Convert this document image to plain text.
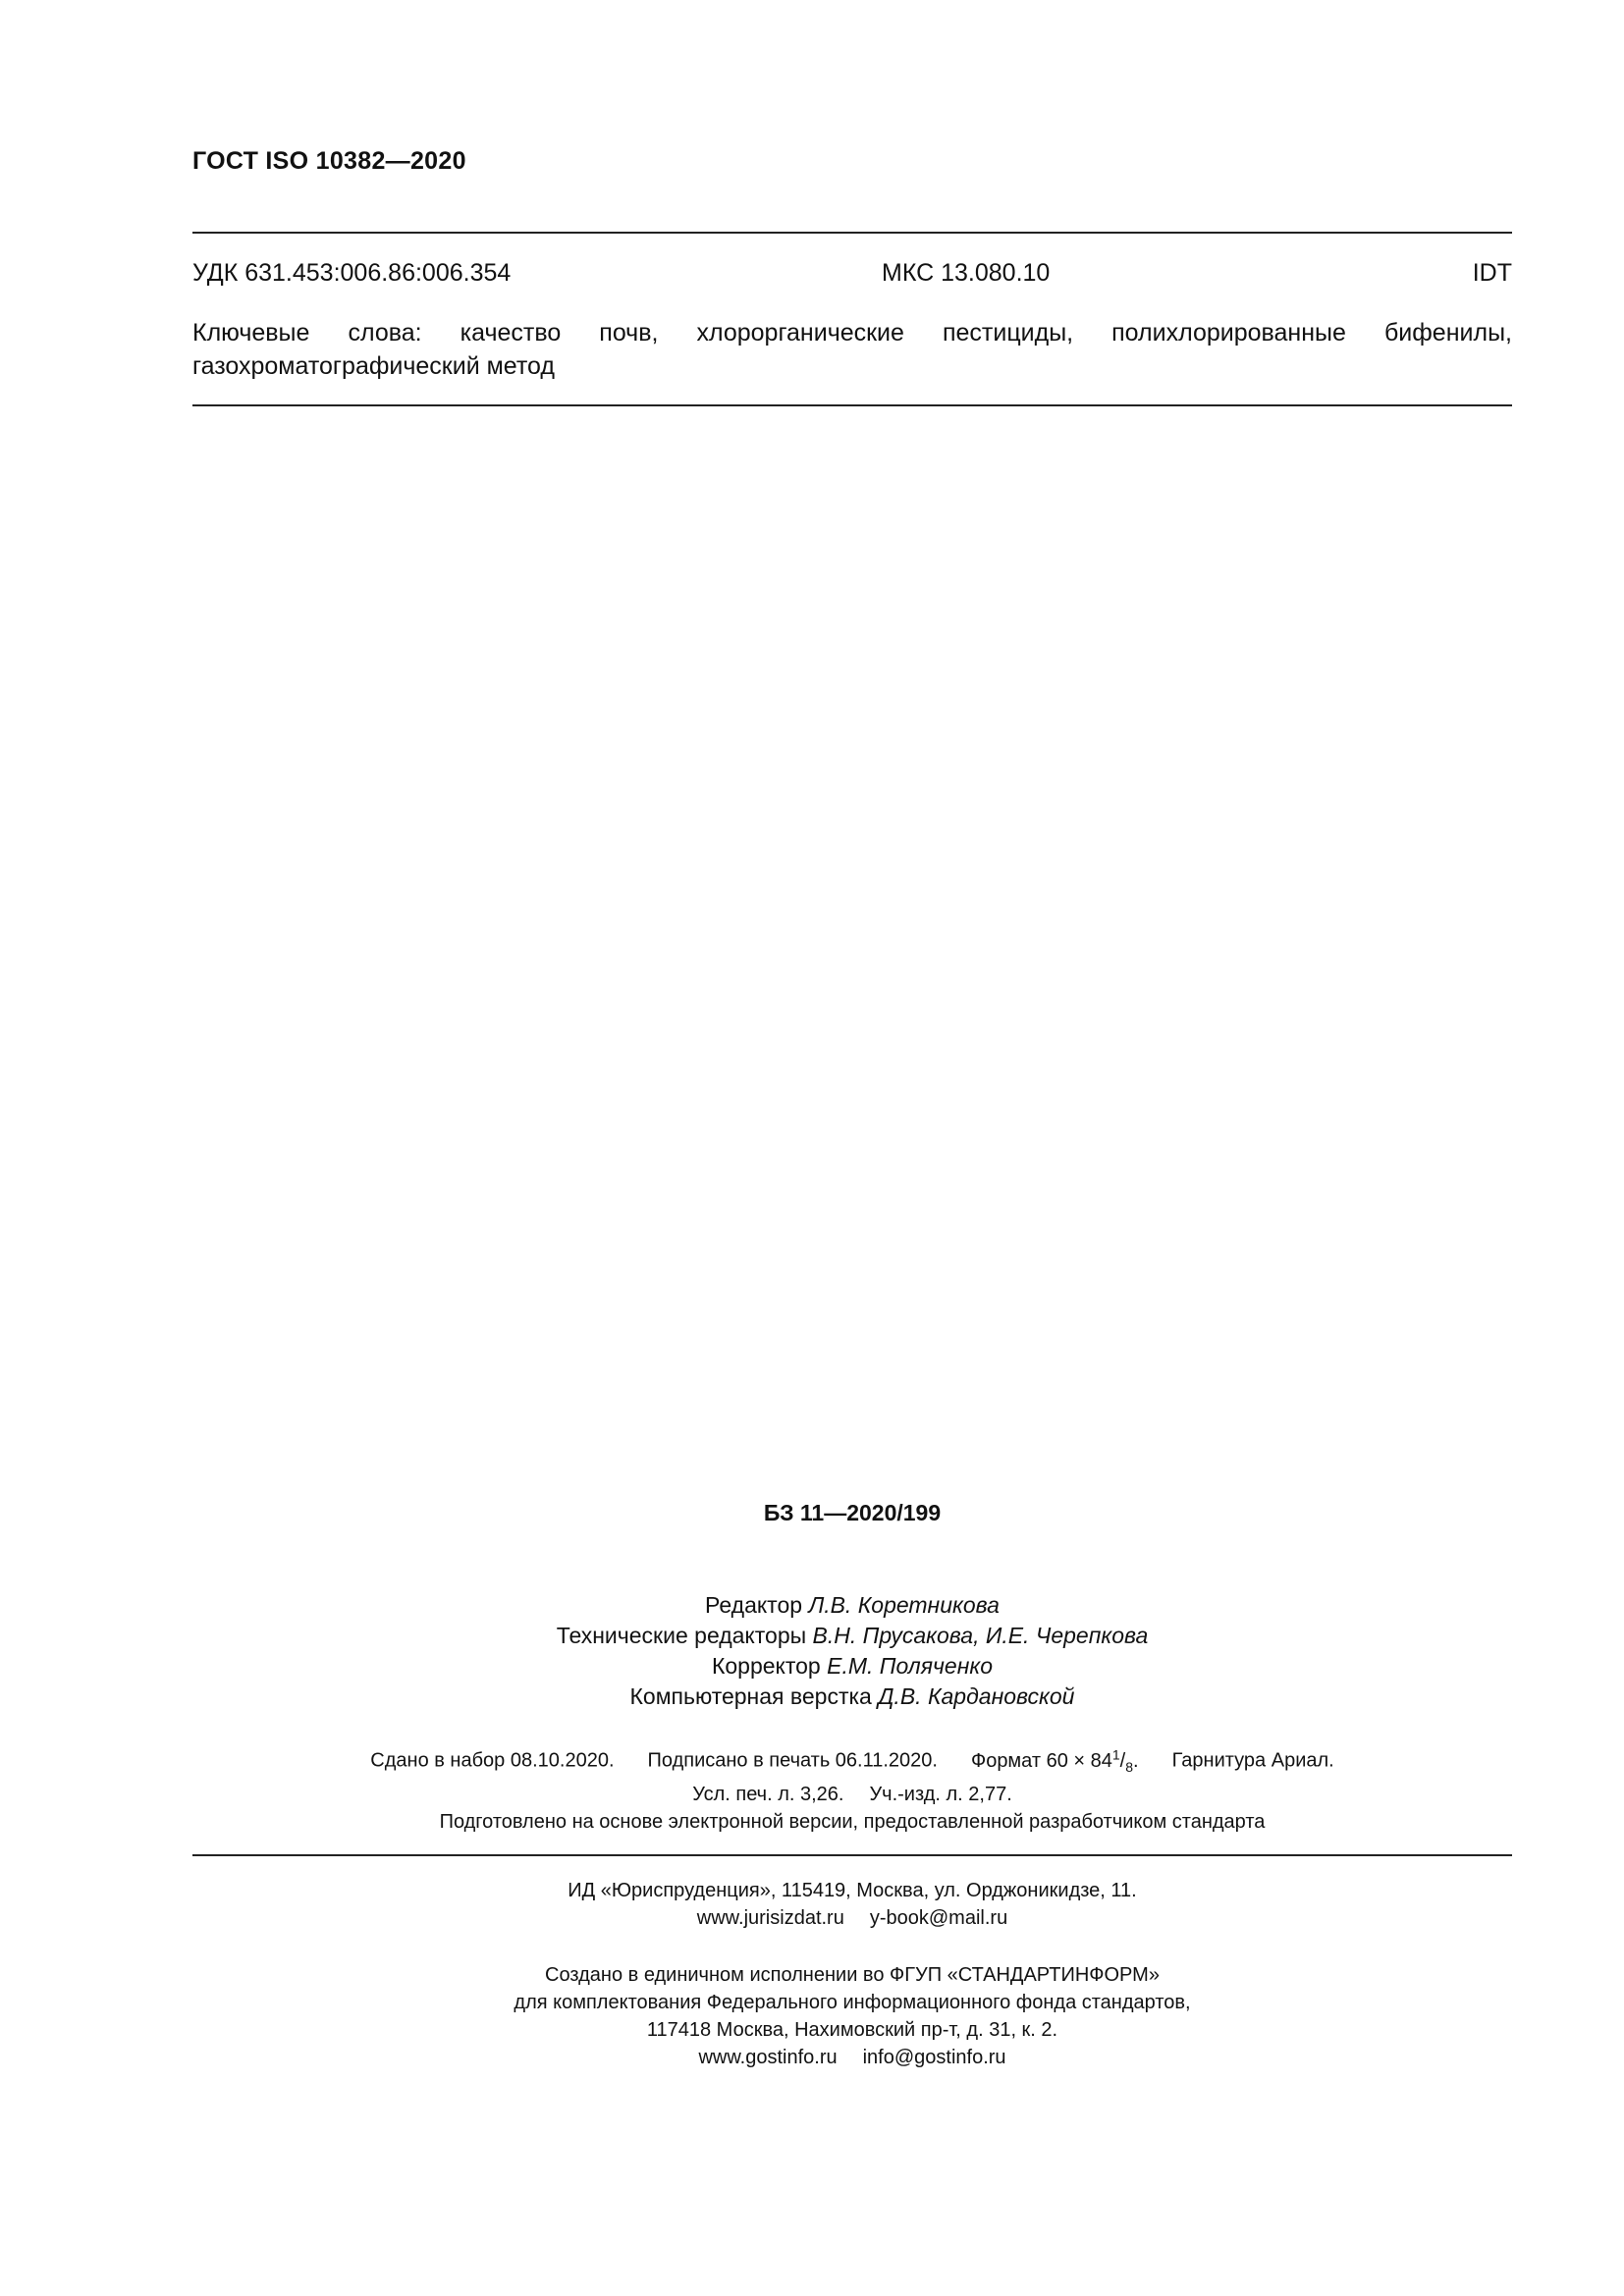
ГОСТ ISO 10382—2020
УДК 631.453:006.86:006.354	МКС 13.080.10	IDT
Ключевые слова: качество почв, хлорорганические пестициды, полихлорированные бифенилы, газохроматографический метод
БЗ 11—2020/199
Редактор Л.В. Коретникова
Технические редакторы В.Н. Прусакова, И.Е. Черепкова
Корректор Е.М. Поляченко
Компьютерная верстка Д.В. Кардановской
Сдано в набор 08.10.2020. Подписано в печать 06.11.2020. Формат $60 \times 84^1/_8$. Гарнитура Ариал.
Усл. печ. л. 3,26. Уч.-изд. л. 2,77.
Подготовлено на основе электронной версии, предоставленной разработчиком стандарта
ИД «Юриспруденция», 115419, Москва, ул. Орджоникидзе, 11.
www.jurisizdat.ru y-book@mail.ru
Создано в единичном исполнении во ФГУП «СТАНДАРТИНФОРМ»
для комплектования Федерального информационного фонда стандартов,
117418 Москва, Нахимовский пр-т, д. 31, к. 2.
www.gostinfo.ru info@gostinfo.ru
